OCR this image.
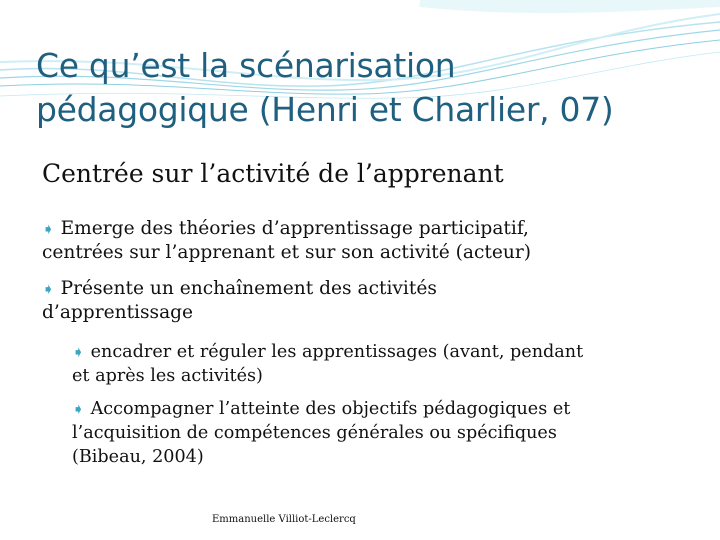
Ce qu’est la scénarisation
pédagogique (Henri et Charlier, 07)
Centrée sur l’activité de l’apprenant
➧ Emerge des théories d’apprentissage participatif,
centrées sur l’apprenant et sur son activité (acteur)
➧ Présente un enchaînement des activités
d’apprentissage
➧ encadrer et réguler les apprentissages (avant, pendant
et après les activités)
➧ Accompagner l’atteinte des objectifs pédagogiques et
l’acquisition de compétences générales ou spécifiques
(Bibeau, 2004)
Emmanuelle Villiot-Leclercq
